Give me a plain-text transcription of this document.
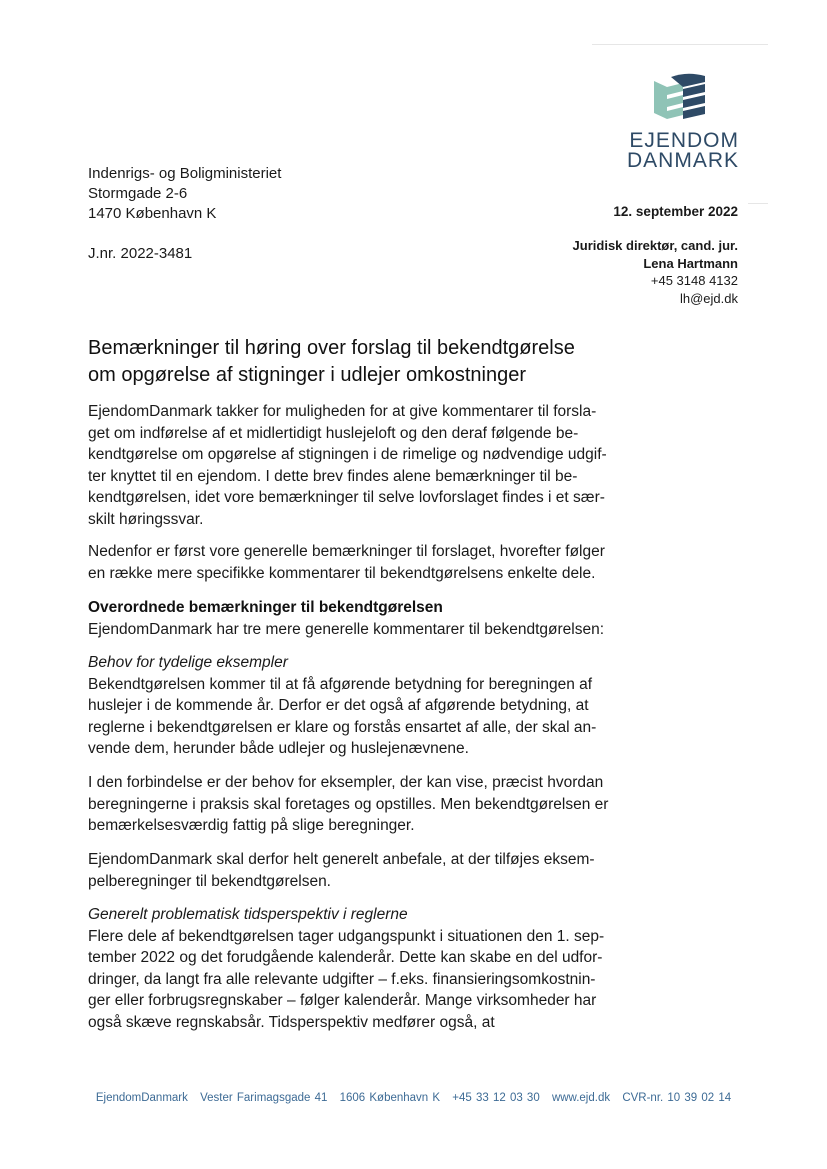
EJENDOM
DANMARK
Indenrigs- og Boligministeriet
Stormgade 2-6
1470 København K
J.nr. 2022-3481
12. september 2022
Juridisk direktør, cand. jur.
Lena Hartmann
+45 3148 4132
lh@ejd.dk
Bemærkninger til høring over forslag til bekendtgørelse
om opgørelse af stigninger i udlejer omkostninger
EjendomDanmark takker for muligheden for at give kommentarer til forsla-
get om indførelse af et midlertidigt huslejeloft og den deraf følgende be-
kendtgørelse om opgørelse af stigningen i de rimelige og nødvendige udgif-
ter knyttet til en ejendom. I dette brev findes alene bemærkninger til be-
kendtgørelsen, idet vore bemærkninger til selve lovforslaget findes i et sær-
skilt høringssvar.
Nedenfor er først vore generelle bemærkninger til forslaget, hvorefter følger
en række mere specifikke kommentarer til bekendtgørelsens enkelte dele.
Overordnede bemærkninger til bekendtgørelsen
EjendomDanmark har tre mere generelle kommentarer til bekendtgørelsen:
Behov for tydelige eksempler
Bekendtgørelsen kommer til at få afgørende betydning for beregningen af
huslejer i de kommende år. Derfor er det også af afgørende betydning, at
reglerne i bekendtgørelsen er klare og forstås ensartet af alle, der skal an-
vende dem, herunder både udlejer og huslejenævnene.
I den forbindelse er der behov for eksempler, der kan vise, præcist hvordan
beregningerne i praksis skal foretages og opstilles. Men bekendtgørelsen er
bemærkelsesværdig fattig på slige beregninger.
EjendomDanmark skal derfor helt generelt anbefale, at der tilføjes eksem-
pelberegninger til bekendtgørelsen.
Generelt problematisk tidsperspektiv i reglerne
Flere dele af bekendtgørelsen tager udgangspunkt i situationen den 1. sep-
tember 2022 og det forudgående kalenderår. Dette kan skabe en del udfor-
dringer, da langt fra alle relevante udgifter – f.eks. finansieringsomkostnin-
ger eller forbrugsregnskaber – følger kalenderår. Mange virksomheder har
også skæve regnskabsår. Tidsperspektiv medfører også, at
EjendomDanmark Vester Farimagsgade 41 1606 København K +45 33 12 03 30 www.ejd.dk CVR-nr. 10 39 02 14
